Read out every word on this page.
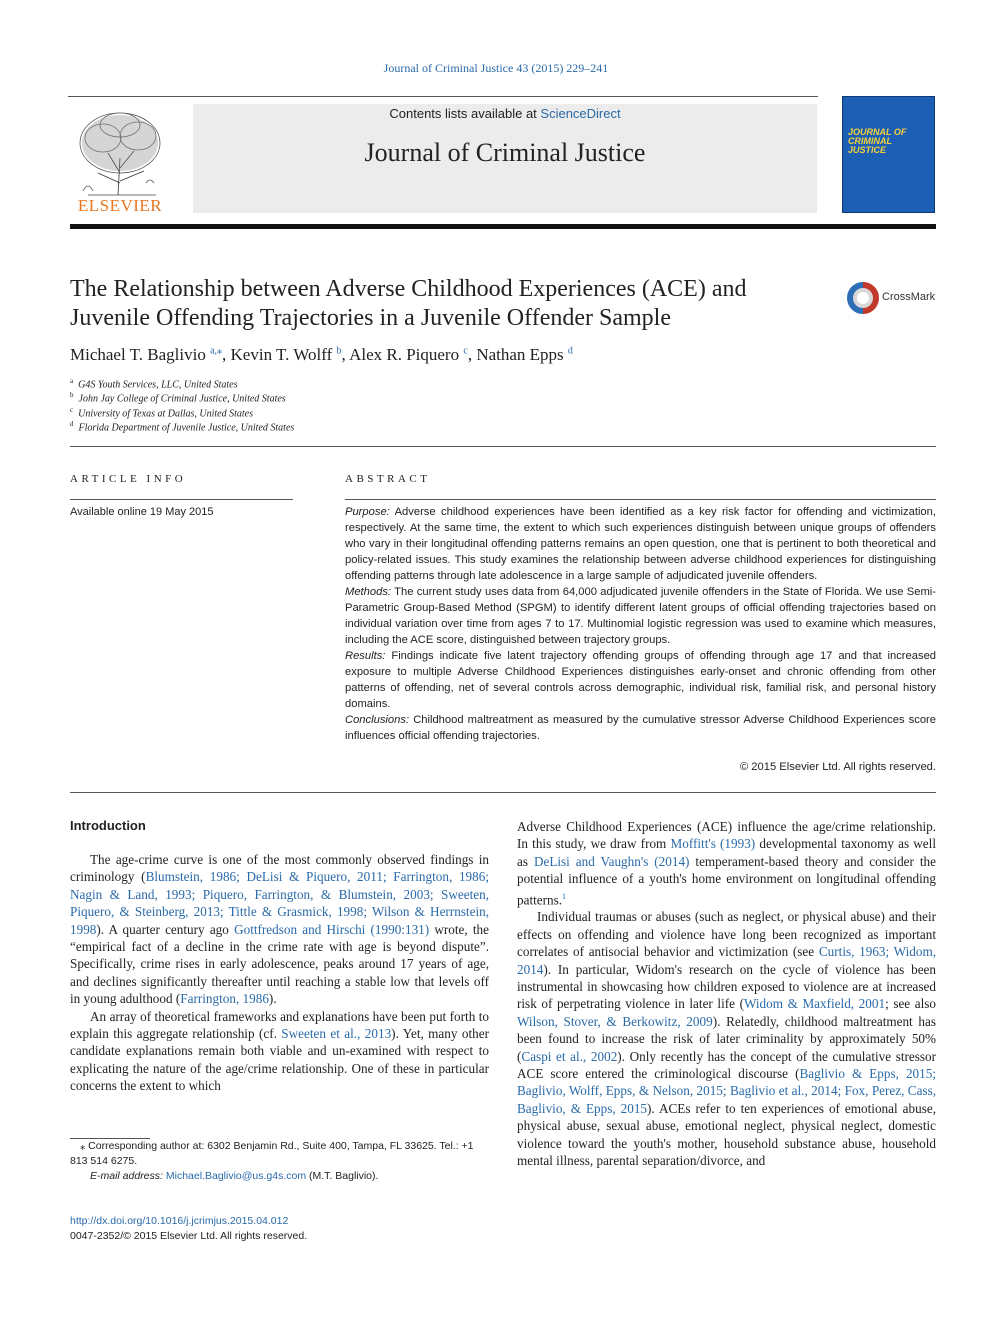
Journal of Criminal Justice 43 (2015) 229–241
ELSEVIER
Contents lists available at ScienceDirect
Journal of Criminal Justice
JOURNAL OF CRIMINAL JUSTICE
The Relationship between Adverse Childhood Experiences (ACE) and Juvenile Offending Trajectories in a Juvenile Offender Sample
CrossMark
Michael T. Baglivio $^{a,⁎}$, Kevin T. Wolff $^b$, Alex R. Piquero $^c$, Nathan Epps $^d$
$^a$ G4S Youth Services, LLC, United States
$^b$ John Jay College of Criminal Justice, United States
$^c$ University of Texas at Dallas, United States
$^d$ Florida Department of Juvenile Justice, United States
ARTICLE INFO
Available online 19 May 2015
ABSTRACT

Purpose: Adverse childhood experiences have been identified as a key risk factor for offending and victimization, respectively. At the same time, the extent to which such experiences distinguish between unique groups of offenders who vary in their longitudinal offending patterns remains an open question, one that is pertinent to both theoretical and policy-related issues. This study examines the relationship between adverse childhood experiences for distinguishing offending patterns through late adolescence in a large sample of adjudicated juvenile offenders.

Methods: The current study uses data from 64,000 adjudicated juvenile offenders in the State of Florida. We use Semi-Parametric Group-Based Method (SPGM) to identify different latent groups of official offending trajectories based on individual variation over time from ages 7 to 17. Multinomial logistic regression was used to examine which measures, including the ACE score, distinguished between trajectory groups.

Results: Findings indicate five latent trajectory offending groups of offending through age 17 and that increased exposure to multiple Adverse Childhood Experiences distinguishes early-onset and chronic offending from other patterns of offending, net of several controls across demographic, individual risk, familial risk, and personal history domains.

Conclusions: Childhood maltreatment as measured by the cumulative stressor Adverse Childhood Experiences score influences official offending trajectories.

© 2015 Elsevier Ltd. All rights reserved.
Introduction

The age-crime curve is one of the most commonly observed findings in criminology (Blumstein, 1986; DeLisi & Piquero, 2011; Farrington, 1986; Nagin & Land, 1993; Piquero, Farrington, & Blumstein, 2003; Sweeten, Piquero, & Steinberg, 2013; Tittle & Grasmick, 1998; Wilson & Herrnstein, 1998). A quarter century ago Gottfredson and Hirschi (1990:131) wrote, the “empirical fact of a decline in the crime rate with age is beyond dispute”. Specifically, crime rises in early adolescence, peaks around 17 years of age, and declines significantly thereafter until reaching a stable low that levels off in young adulthood (Farrington, 1986).

An array of theoretical frameworks and explanations have been put forth to explain this aggregate relationship (cf. Sweeten et al., 2013). Yet, many other candidate explanations remain both viable and un-examined with respect to explicating the nature of the age/crime relationship. One of these in particular concerns the extent to which

Adverse Childhood Experiences (ACE) influence the age/crime relationship. In this study, we draw from Moffitt's (1993) developmental taxonomy as well as DeLisi and Vaughn's (2014) temperament-based theory and consider the potential influence of a youth's home environment on longitudinal offending patterns.$^1$

Individual traumas or abuses (such as neglect, or physical abuse) and their effects on offending and violence have long been recognized as important correlates of antisocial behavior and victimization (see Curtis, 1963; Widom, 2014). In particular, Widom's research on the cycle of violence has been instrumental in showcasing how children exposed to violence are at increased risk of perpetrating violence in later life (Widom & Maxfield, 2001; see also Wilson, Stover, & Berkowitz, 2009). Relatedly, childhood maltreatment has been found to increase the risk of later criminality by approximately 50% (Caspi et al., 2002). Only recently has the concept of the cumulative stressor ACE score entered the criminological discourse (Baglivio & Epps, 2015; Baglivio, Wolff, Epps, & Nelson, 2015; Baglivio et al., 2014; Fox, Perez, Cass, Baglivio, & Epps, 2015). ACEs refer to ten experiences of emotional abuse, physical abuse, sexual abuse, emotional neglect, physical neglect, domestic violence toward the youth's mother, household substance abuse, household mental illness, parental separation/divorce, and

⁎ Corresponding author at: 6302 Benjamin Rd., Suite 400, Tampa, FL 33625. Tel.: +1 813 514 6275.

E-mail address: Michael.Baglivio@us.g4s.com (M.T. Baglivio).

http://dx.doi.org/10.1016/j.jcrimjus.2015.04.012
0047-2352/© 2015 Elsevier Ltd. All rights reserved.
